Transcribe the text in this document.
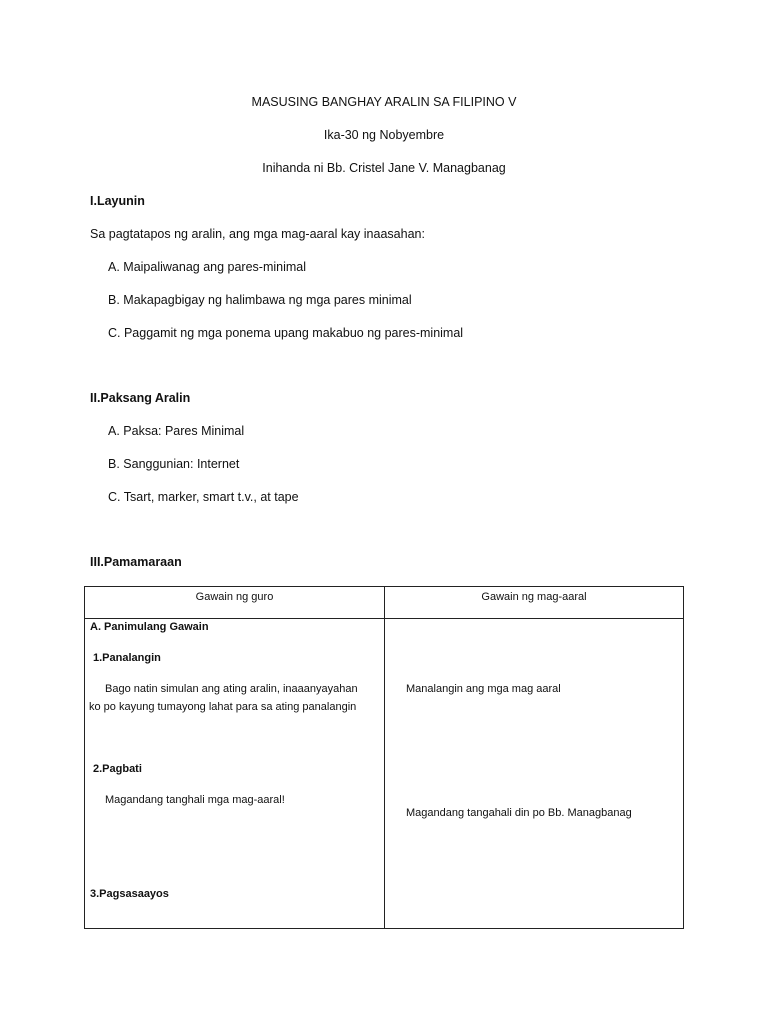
MASUSING BANGHAY ARALIN SA FILIPINO V
Ika-30 ng Nobyembre
Inihanda ni Bb. Cristel Jane V. Managbanag
I.Layunin
Sa pagtatapos ng aralin, ang mga mag-aaral kay inaasahan:
A. Maipaliwanag ang pares-minimal
B. Makapagbigay ng halimbawa ng mga pares minimal
C. Paggamit ng mga ponema upang makabuo ng pares-minimal
II.Paksang Aralin
A. Paksa: Pares Minimal
B. Sanggunian: Internet
C. Tsart, marker, smart t.v., at tape
III.Pamamaraan
Gawain ng guro	Gawain ng mag-aaral
A. Panimulang Gawain
1.Panalangin
Bago natin simulan ang ating aralin, inaaanyayahan
ko po kayung tumayong lahat para sa ating panalangin
Manalangin ang mga mag aaral
2.Pagbati
Magandang tanghali mga mag-aaral!
Magandang tangahali din po Bb. Managbanag
3.Pagsasaayos
